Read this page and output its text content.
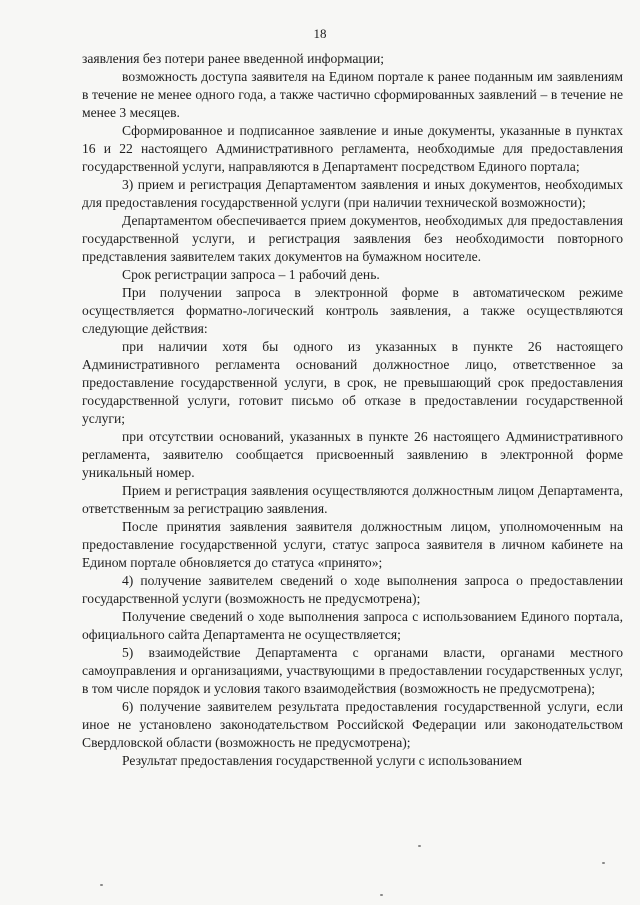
18

заявления без потери ранее введенной информации;

возможность доступа заявителя на Едином портале к ранее поданным им заявлениям в течение не менее одного года, а также частично сформированных заявлений – в течение не менее 3 месяцев.

Сформированное и подписанное заявление и иные документы, указанные в пунктах 16 и 22 настоящего Административного регламента, необходимые для предоставления государственной услуги, направляются в Департамент посредством Единого портала;

3) прием и регистрация Департаментом заявления и иных документов, необходимых для предоставления государственной услуги (при наличии технической возможности);

Департаментом обеспечивается прием документов, необходимых для предоставления государственной услуги, и регистрация заявления без необходимости повторного представления заявителем таких документов на бумажном носителе.

Срок регистрации запроса – 1 рабочий день.

При получении запроса в электронной форме в автоматическом режиме осуществляется форматно-логический контроль заявления, а также осуществляются следующие действия:

при наличии хотя бы одного из указанных в пункте 26 настоящего Административного регламента оснований должностное лицо, ответственное за предоставление государственной услуги, в срок, не превышающий срок предоставления государственной услуги, готовит письмо об отказе в предоставлении государственной услуги;

при отсутствии оснований, указанных в пункте 26 настоящего Административного регламента, заявителю сообщается присвоенный заявлению в электронной форме уникальный номер.

Прием и регистрация заявления осуществляются должностным лицом Департамента, ответственным за регистрацию заявления.

После принятия заявления заявителя должностным лицом, уполномоченным на предоставление государственной услуги, статус запроса заявителя в личном кабинете на Едином портале обновляется до статуса «принято»;

4) получение заявителем сведений о ходе выполнения запроса о предоставлении государственной услуги (возможность не предусмотрена);

Получение сведений о ходе выполнения запроса с использованием Единого портала, официального сайта Департамента не осуществляется;

5) взаимодействие Департамента с органами власти, органами местного самоуправления и организациями, участвующими в предоставлении государственных услуг, в том числе порядок и условия такого взаимодействия (возможность не предусмотрена);

6) получение заявителем результата предоставления государственной услуги, если иное не установлено законодательством Российской Федерации или законодательством Свердловской области (возможность не предусмотрена);

Результат предоставления государственной услуги с использованием
